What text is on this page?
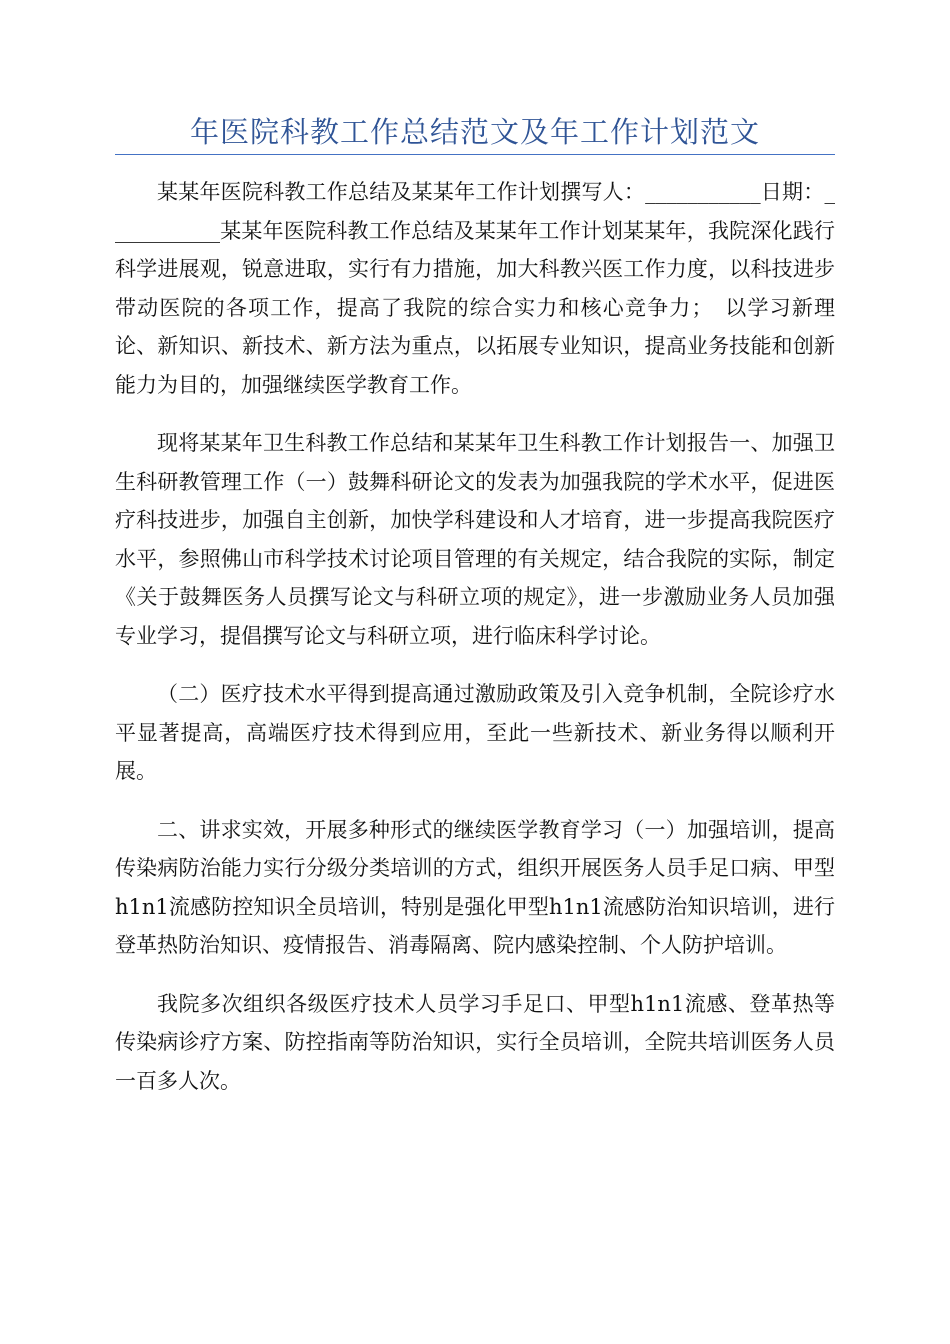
年医院科教工作总结范文及年工作计划范文

某某年医院科教工作总结及某某年工作计划撰写人：___________日期：___________某某年医院科教工作总结及某某年工作计划某某年，我院深化践行科学进展观，锐意进取，实行有力措施，加大科教兴医工作力度，以科技进步带动医院的各项工作，提高了我院的综合实力和核心竞争力；　以学习新理论、新知识、新技术、新方法为重点，以拓展专业知识，提高业务技能和创新能力为目的，加强继续医学教育工作。

现将某某年卫生科教工作总结和某某年卫生科教工作计划报告一、加强卫生科研教管理工作（一）鼓舞科研论文的发表为加强我院的学术水平，促进医疗科技进步，加强自主创新，加快学科建设和人才培育，进一步提高我院医疗水平，参照佛山市科学技术讨论项目管理的有关规定，结合我院的实际，制定《关于鼓舞医务人员撰写论文与科研立项的规定》，进一步激励业务人员加强专业学习，提倡撰写论文与科研立项，进行临床科学讨论。

（二）医疗技术水平得到提高通过激励政策及引入竞争机制，全院诊疗水平显著提高，高端医疗技术得到应用，至此一些新技术、新业务得以顺利开展。

二、讲求实效，开展多种形式的继续医学教育学习（一）加强培训，提高传染病防治能力实行分级分类培训的方式，组织开展医务人员手足口病、甲型h1n1流感防控知识全员培训，特别是强化甲型h1n1流感防治知识培训，进行登革热防治知识、疫情报告、消毒隔离、院内感染控制、个人防护培训。

我院多次组织各级医疗技术人员学习手足口、甲型h1n1流感、登革热等传染病诊疗方案、防控指南等防治知识，实行全员培训，全院共培训医务人员一百多人次。
